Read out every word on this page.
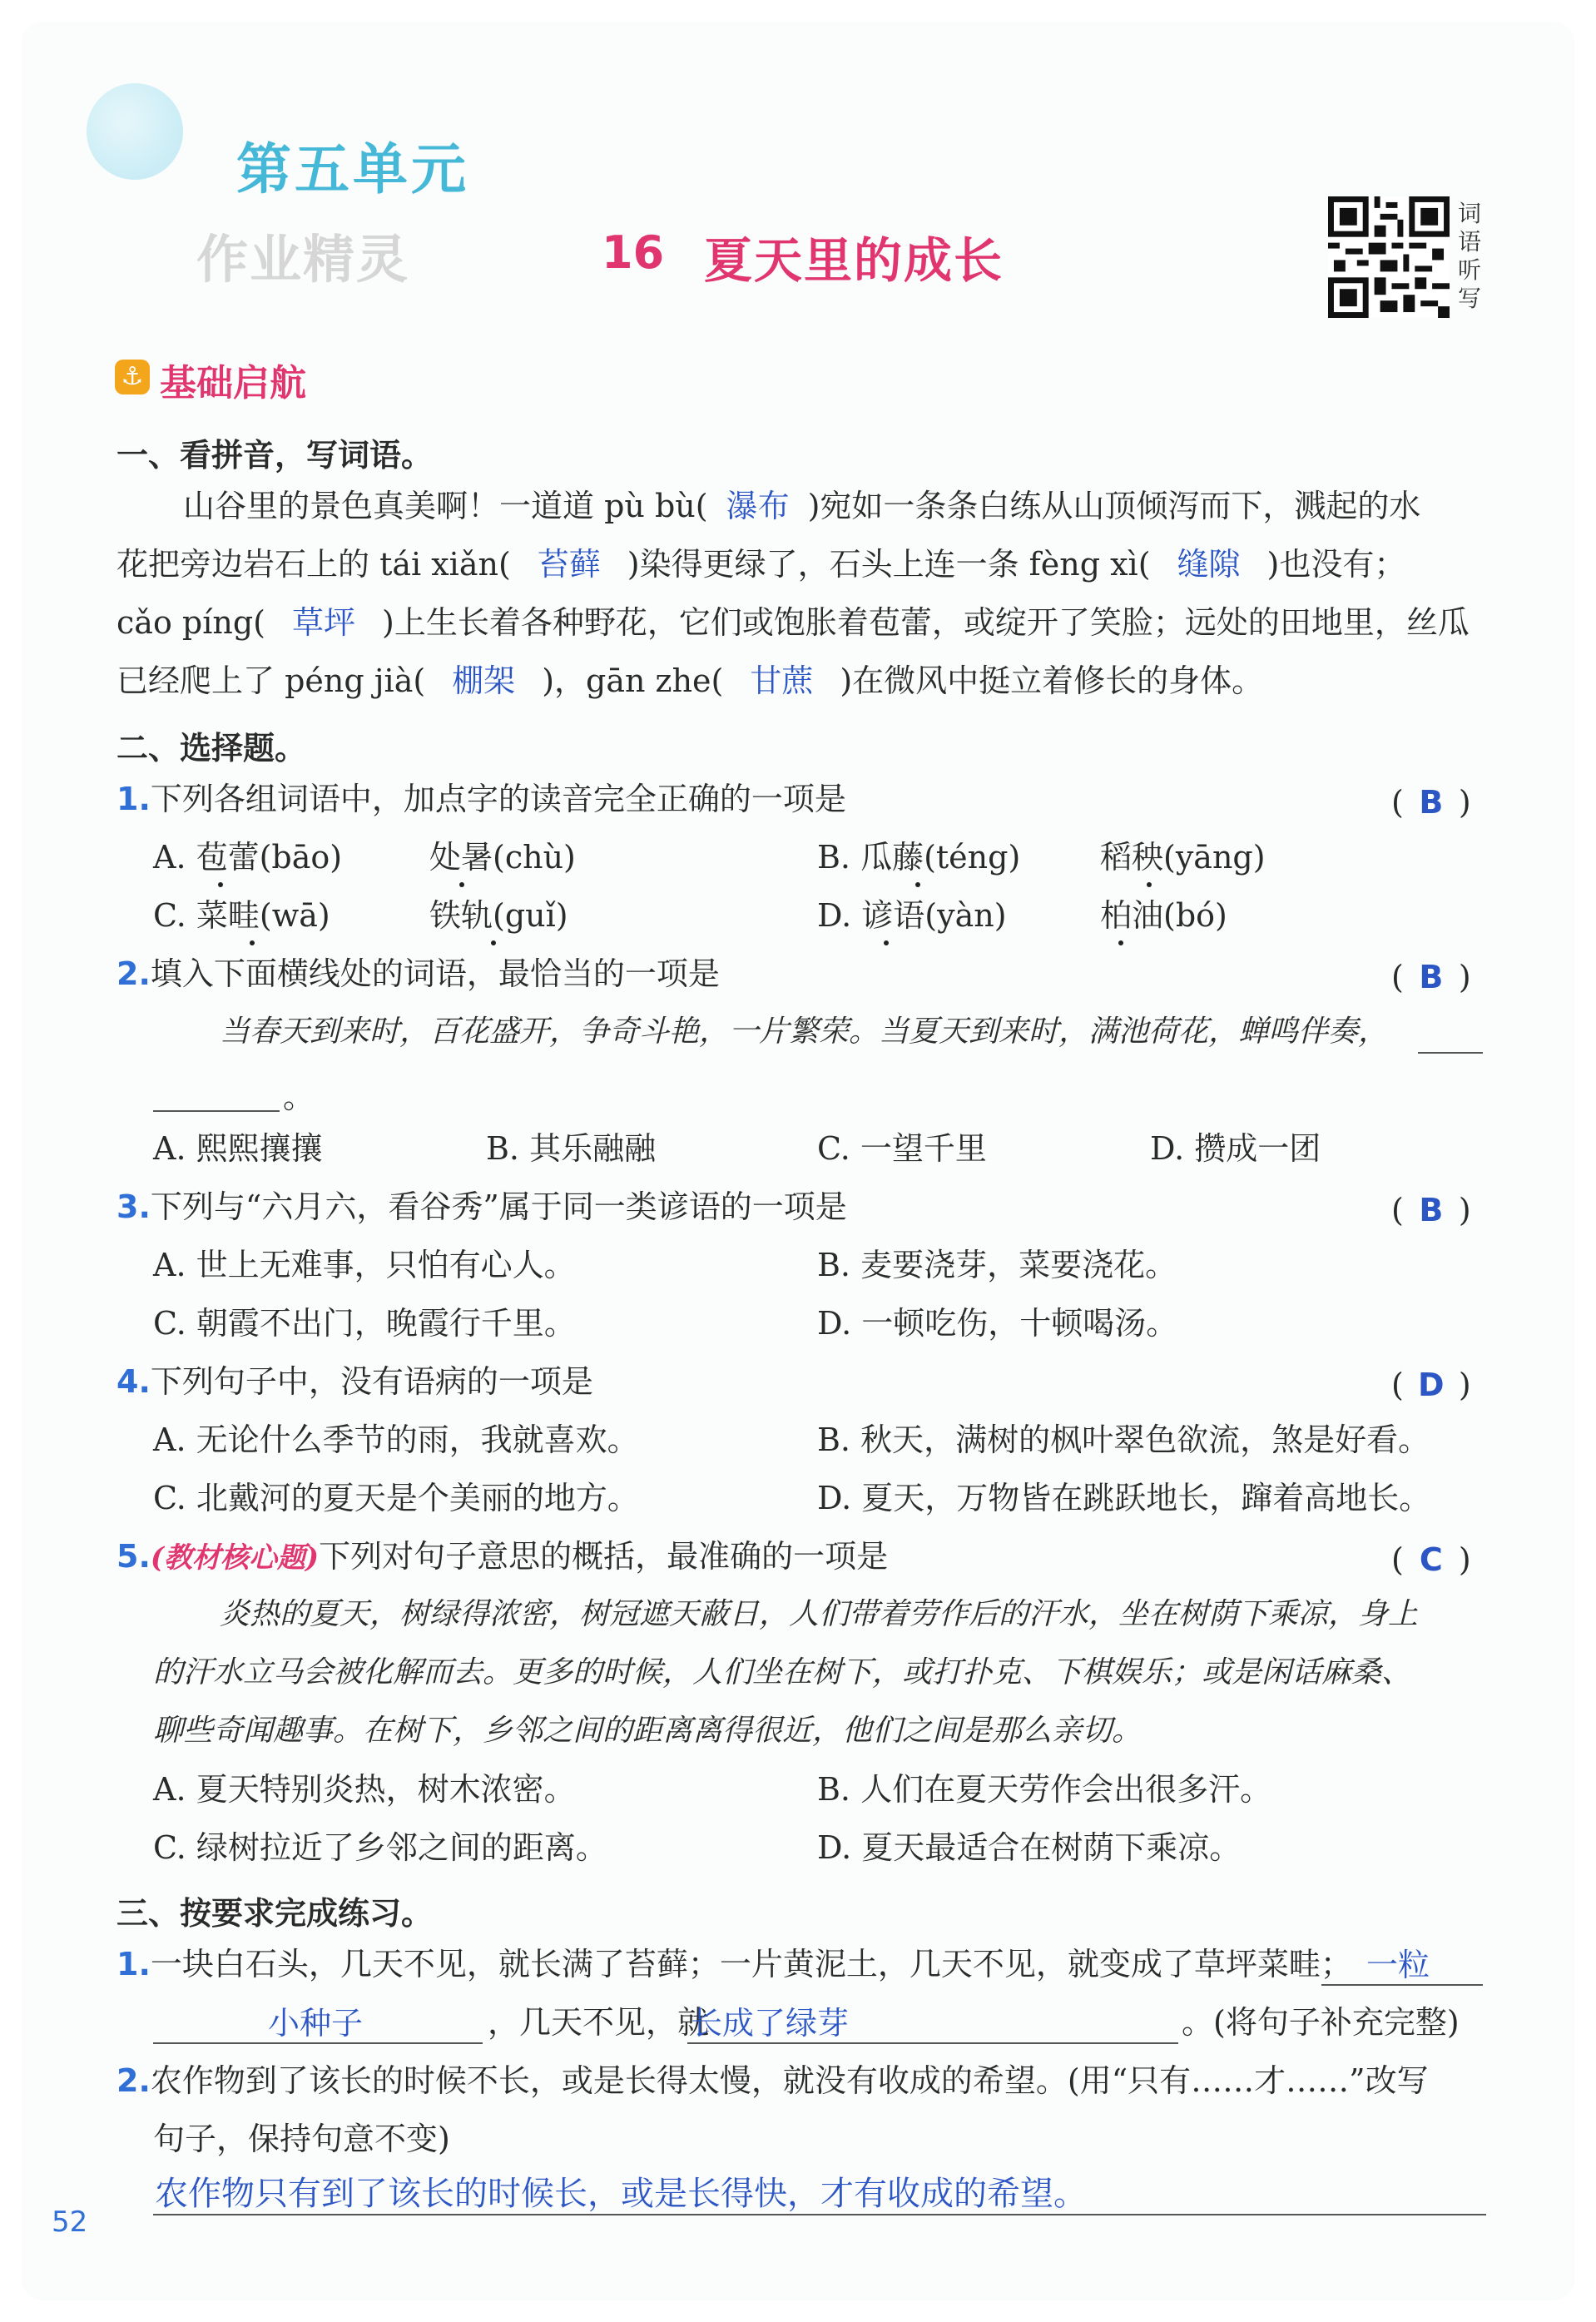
第五单元
作业精灵	16 夏天里的成长
词
语
听
写
⚓ 基础启航
一、看拼音，写词语。
山谷里的景色真美啊！一道道 pù bù( 瀑布 )宛如一条条白练从山顶倾泻而下，溅起的水
花把旁边岩石上的 tái xiǎn( 苔藓 )染得更绿了，石头上连一条 fèng xì( 缝隙 )也没有；
cǎo píng( 草坪 )上生长着各种野花，它们或饱胀着苞蕾，或绽开了笑脸；远处的田地里，丝瓜
已经爬上了 péng jià( 棚架 )，gān zhe( 甘蔗 )在微风中挺立着修长的身体。
二、选择题。
1.下列各组词语中，加点字的读音完全正确的一项是	( B )
A. 苞蕾(bāo)	处暑(chù)	B. 瓜藤(téng)	稻秧(yāng)
C. 菜畦(wā)	铁轨(guǐ)	D. 谚语(yàn)	柏油(bó)
2.填入下面横线处的词语，最恰当的一项是	( B )
当春天到来时，百花盛开，争奇斗艳，一片繁荣。当夏天到来时，满池荷花，蝉鸣伴奏，
。
A. 熙熙攘攘	B. 其乐融融	C. 一望千里	D. 攒成一团
3.下列与“六月六，看谷秀”属于同一类谚语的一项是	( B )
A. 世上无难事，只怕有心人。	B. 麦要浇芽，菜要浇花。
C. 朝霞不出门，晚霞行千里。	D. 一顿吃伤，十顿喝汤。
4.下列句子中，没有语病的一项是	( D )
A. 无论什么季节的雨，我就喜欢。	B. 秋天，满树的枫叶翠色欲流，煞是好看。
C. 北戴河的夏天是个美丽的地方。	D. 夏天，万物皆在跳跃地长，蹿着高地长。
5.(教材核心题)下列对句子意思的概括，最准确的一项是	( C )
炎热的夏天，树绿得浓密，树冠遮天蔽日，人们带着劳作后的汗水，坐在树荫下乘凉，身上
的汗水立马会被化解而去。更多的时候，人们坐在树下，或打扑克、下棋娱乐；或是闲话麻桑、
聊些奇闻趣事。在树下，乡邻之间的距离离得很近，他们之间是那么亲切。
A. 夏天特别炎热，树木浓密。	B. 人们在夏天劳作会出很多汗。
C. 绿树拉近了乡邻之间的距离。	D. 夏天最适合在树荫下乘凉。
三、按要求完成练习。
1.一块白石头，几天不见，就长满了苔藓；一片黄泥土，几天不见，就变成了草坪菜畦； 一粒
小种子	，几天不见，就
长成了绿芽	。(将句子补充完整)
2.农作物到了该长的时候不长，或是长得太慢，就没有收成的希望。(用“只有……才……”改写
句子，保持句意不变)
农作物只有到了该长的时候长，或是长得快，才有收成的希望。
52
